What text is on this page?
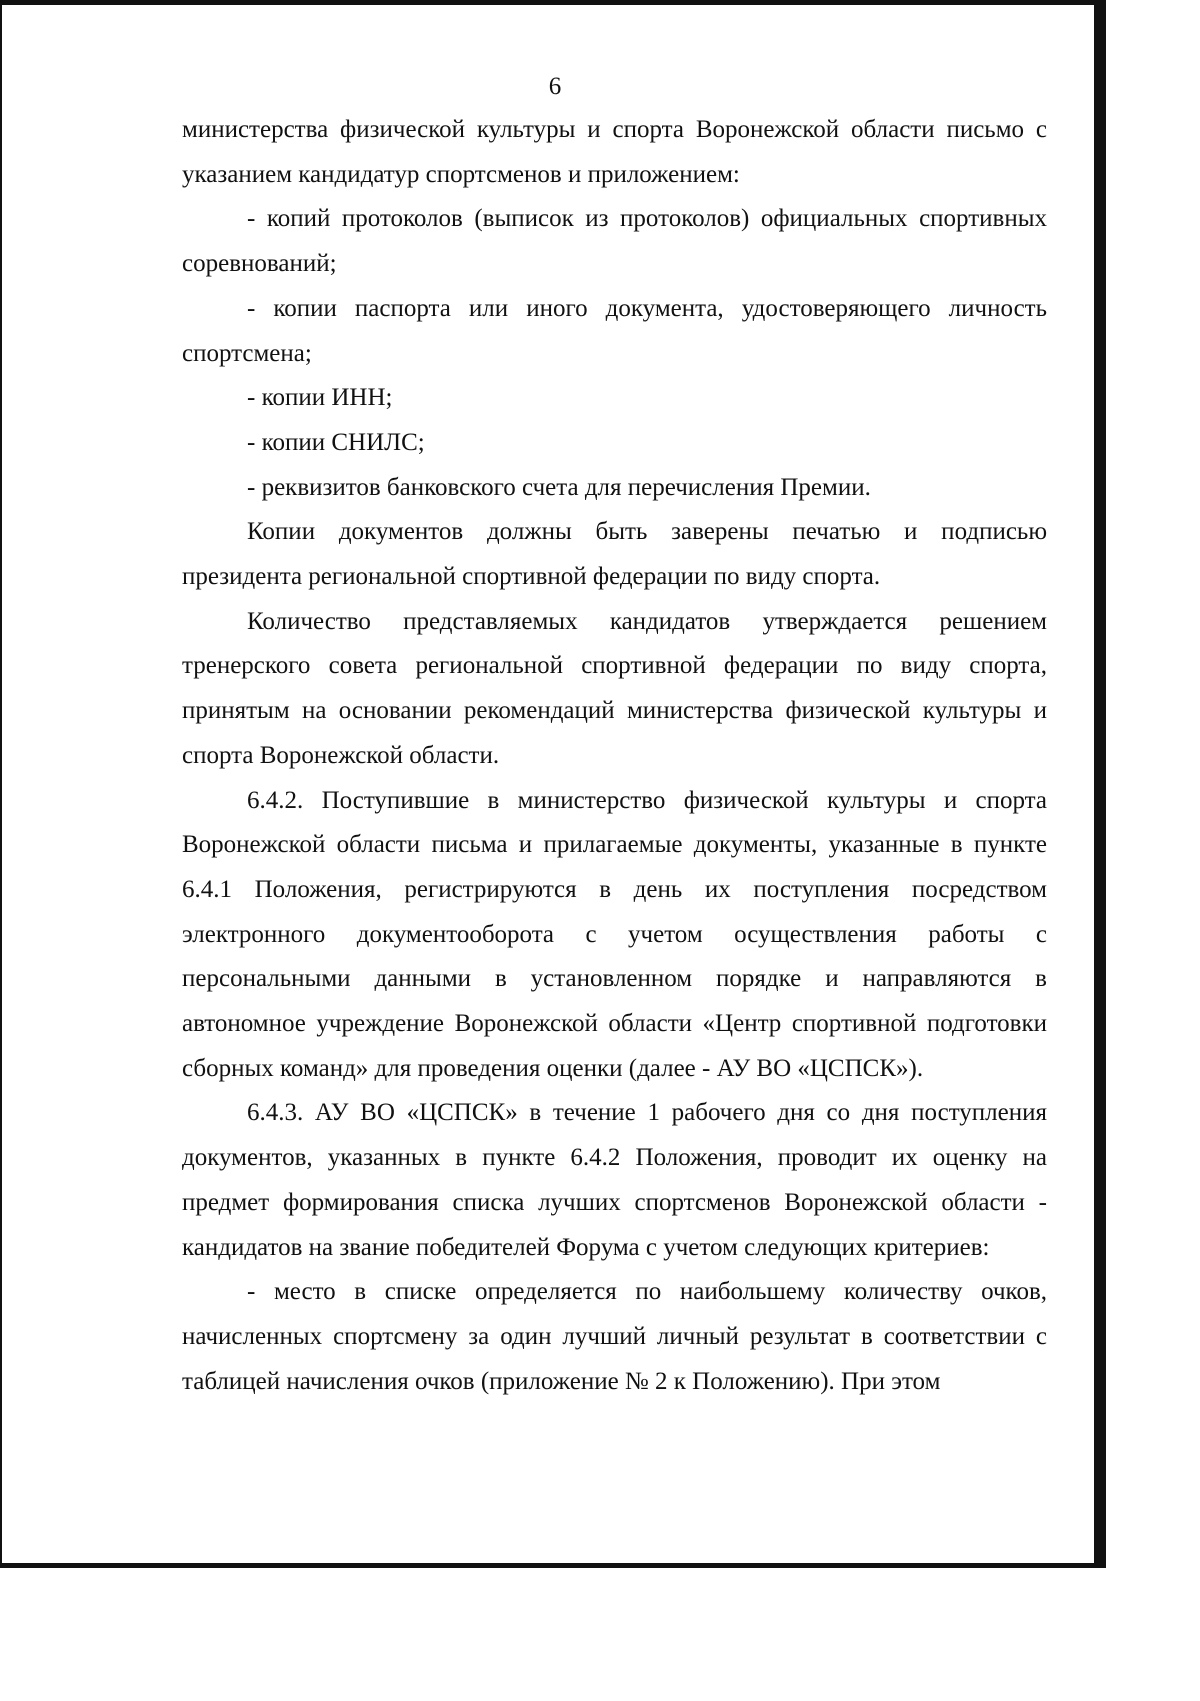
6

министерства физической культуры и спорта Воронежской области письмо с указанием кандидатур спортсменов и приложением:

- копий протоколов (выписок из протоколов) официальных спортивных соревнований;

- копии паспорта или иного документа, удостоверяющего личность спортсмена;

- копии ИНН;

- копии СНИЛС;

- реквизитов банковского счета для перечисления Премии.

Копии документов должны быть заверены печатью и подписью президента региональной спортивной федерации по виду спорта.

Количество представляемых кандидатов утверждается решением тренерского совета региональной спортивной федерации по виду спорта, принятым на основании рекомендаций министерства физической культуры и спорта Воронежской области.

6.4.2. Поступившие в министерство физической культуры и спорта Воронежской области письма и прилагаемые документы, указанные в пункте 6.4.1 Положения, регистрируются в день их поступления посредством электронного документооборота с учетом осуществления работы с персональными данными в установленном порядке и направляются в автономное учреждение Воронежской области «Центр спортивной подготовки сборных команд» для проведения оценки (далее - АУ ВО «ЦСПСК»).

6.4.3. АУ ВО «ЦСПСК» в течение 1 рабочего дня со дня поступления документов, указанных в пункте 6.4.2 Положения, проводит их оценку на предмет формирования списка лучших спортсменов Воронежской области - кандидатов на звание победителей Форума с учетом следующих критериев:

- место в списке определяется по наибольшему количеству очков, начисленных спортсмену за один лучший личный результат в соответствии с таблицей начисления очков (приложение № 2 к Положению). При этом
